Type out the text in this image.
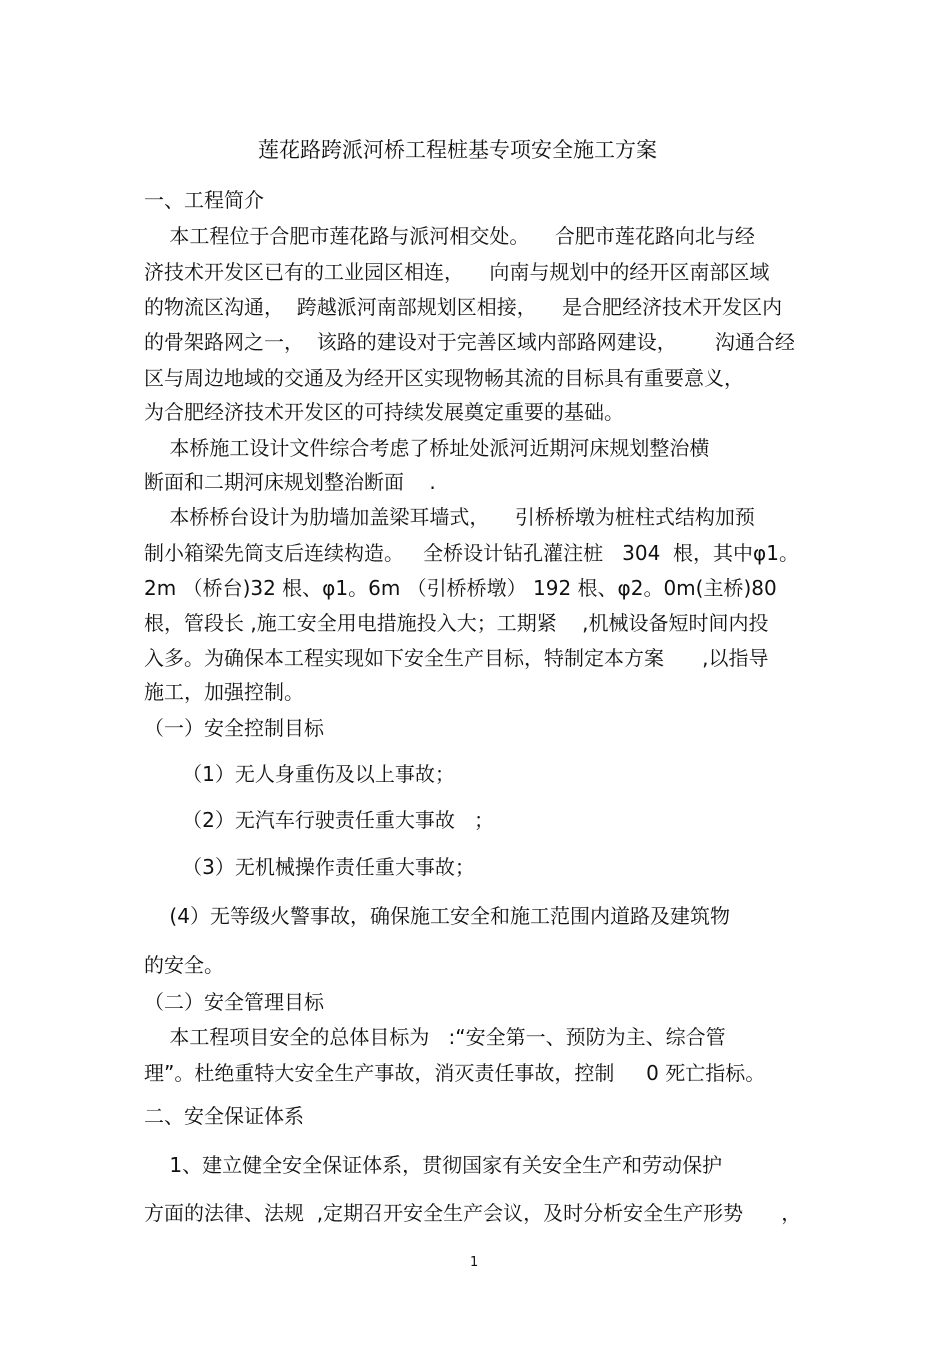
莲花路跨派河桥工程桩基专项安全施工方案
一、工程简介
本工程位于合肥市莲花路与派河相交处。    合肥市莲花路向北与经
济技术开发区已有的工业园区相连，    向南与规划中的经开区南部区域
的物流区沟通，  跨越派河南部规划区相接，    是合肥经济技术开发区内
的骨架路网之一，  该路的建设对于完善区域内部路网建设，      沟通合经
区与周边地域的交通及为经开区实现物畅其流的目标具有重要意义，
为合肥经济技术开发区的可持续发展奠定重要的基础。
本桥施工设计文件综合考虑了桥址处派河近期河床规划整治横
断面和二期河床规划整治断面    .
本桥桥台设计为肋墙加盖梁耳墙式，    引桥桥墩为桩柱式结构加预
制小箱梁先筒支后连续构造。   全桥设计钻孔灌注桩   304  根，其中φ1。
2m （桥台)32 根、φ1。6m （引桥桥墩） 192 根、φ2。0m(主桥)80
根，管段长 ,施工安全用电措施投入大；工期紧    ,机械设备短时间内投
入多。为确保本工程实现如下安全生产目标，特制定本方案      ,以指导
施工，加强控制。
（一）安全控制目标
（1）无人身重伤及以上事故；
（2）无汽车行驶责任重大事故   ；
（3）无机械操作责任重大事故；
(4）无等级火警事故，确保施工安全和施工范围内道路及建筑物
的安全。
（二）安全管理目标
本工程项目安全的总体目标为   :“安全第一、预防为主、综合管
理”。杜绝重特大安全生产事故，消灭责任事故，控制     0 死亡指标。
二、安全保证体系
1、建立健全安全保证体系，贯彻国家有关安全生产和劳动保护
方面的法律、法规  ,定期召开安全生产会议，及时分析安全生产形势      ，
1
